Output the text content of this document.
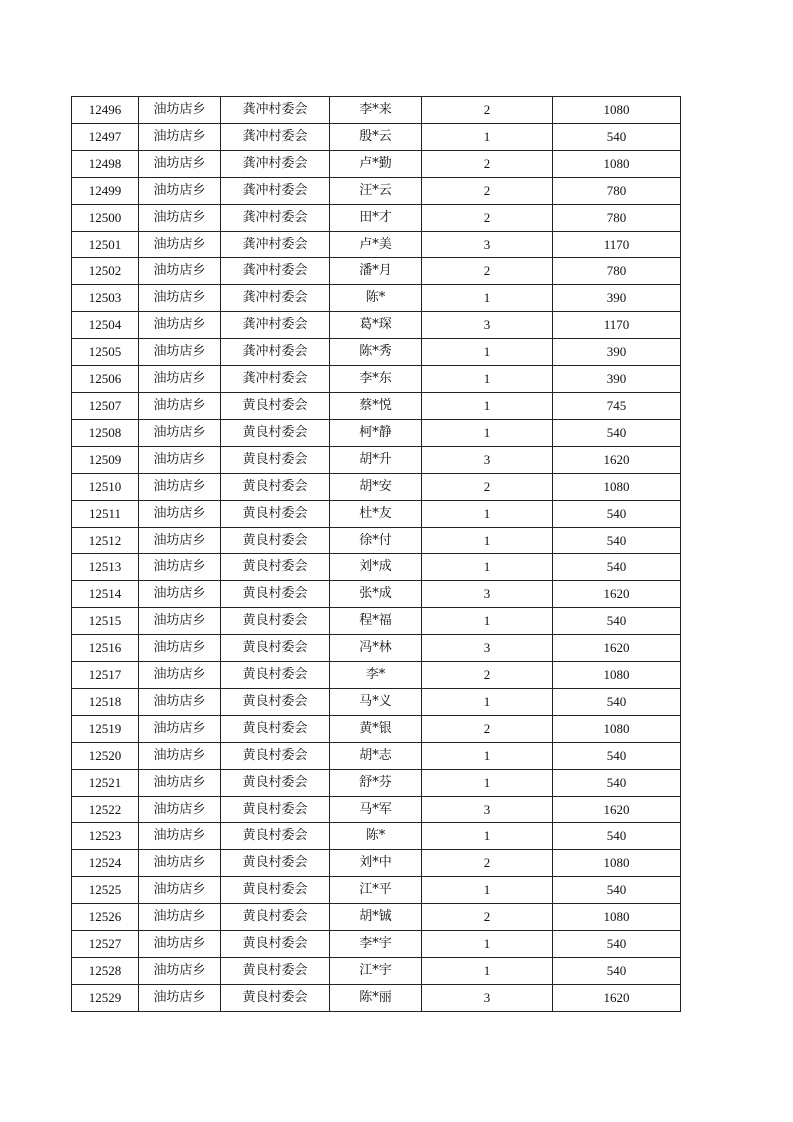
12496	油坊店乡	龚冲村委会	李*来	2	1080
12497	油坊店乡	龚冲村委会	殷*云	1	540
12498	油坊店乡	龚冲村委会	卢*勤	2	1080
12499	油坊店乡	龚冲村委会	汪*云	2	780
12500	油坊店乡	龚冲村委会	田*才	2	780
12501	油坊店乡	龚冲村委会	卢*美	3	1170
12502	油坊店乡	龚冲村委会	潘*月	2	780
12503	油坊店乡	龚冲村委会	陈*	1	390
12504	油坊店乡	龚冲村委会	葛*琛	3	1170
12505	油坊店乡	龚冲村委会	陈*秀	1	390
12506	油坊店乡	龚冲村委会	李*东	1	390
12507	油坊店乡	黄良村委会	蔡*悦	1	745
12508	油坊店乡	黄良村委会	柯*静	1	540
12509	油坊店乡	黄良村委会	胡*升	3	1620
12510	油坊店乡	黄良村委会	胡*安	2	1080
12511	油坊店乡	黄良村委会	杜*友	1	540
12512	油坊店乡	黄良村委会	徐*付	1	540
12513	油坊店乡	黄良村委会	刘*成	1	540
12514	油坊店乡	黄良村委会	张*成	3	1620
12515	油坊店乡	黄良村委会	程*福	1	540
12516	油坊店乡	黄良村委会	冯*林	3	1620
12517	油坊店乡	黄良村委会	李*	2	1080
12518	油坊店乡	黄良村委会	马*义	1	540
12519	油坊店乡	黄良村委会	黄*银	2	1080
12520	油坊店乡	黄良村委会	胡*志	1	540
12521	油坊店乡	黄良村委会	舒*芬	1	540
12522	油坊店乡	黄良村委会	马*军	3	1620
12523	油坊店乡	黄良村委会	陈*	1	540
12524	油坊店乡	黄良村委会	刘*中	2	1080
12525	油坊店乡	黄良村委会	江*平	1	540
12526	油坊店乡	黄良村委会	胡*铖	2	1080
12527	油坊店乡	黄良村委会	李*宇	1	540
12528	油坊店乡	黄良村委会	江*宇	1	540
12529	油坊店乡	黄良村委会	陈*丽	3	1620
